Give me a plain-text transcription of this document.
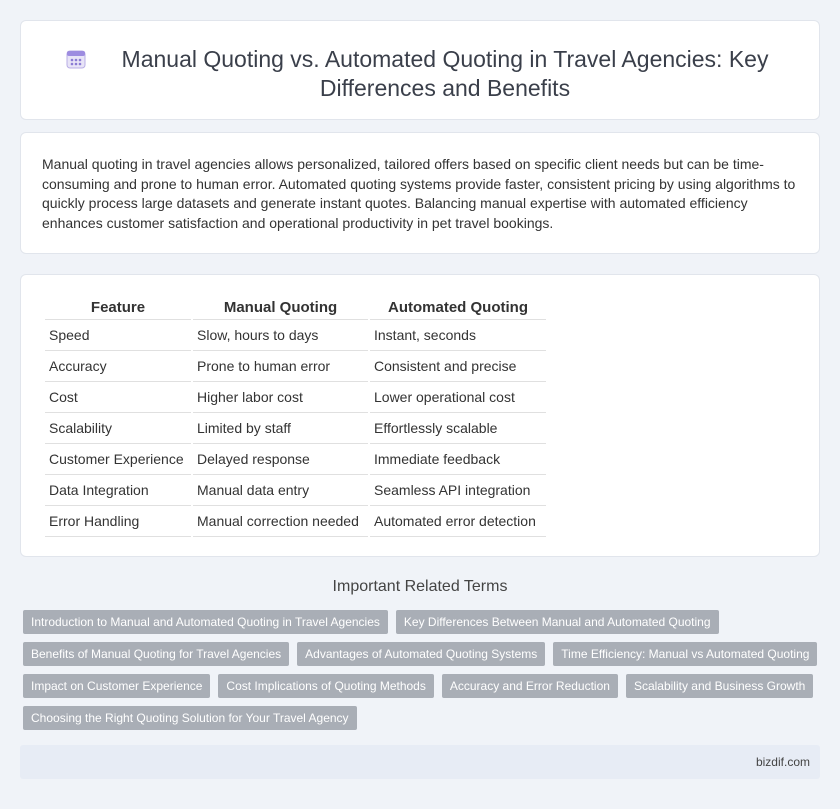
Manual Quoting vs. Automated Quoting in Travel Agencies: Key Differences and Benefits

Manual quoting in travel agencies allows personalized, tailored offers based on specific client needs but can be time-consuming and prone to human error. Automated quoting systems provide faster, consistent pricing by using algorithms to quickly process large datasets and generate instant quotes. Balancing manual expertise with automated efficiency enhances customer satisfaction and operational productivity in pet travel bookings.

Feature	Manual Quoting	Automated Quoting
Speed	Slow, hours to days	Instant, seconds
Accuracy	Prone to human error	Consistent and precise
Cost	Higher labor cost	Lower operational cost
Scalability	Limited by staff	Effortlessly scalable
Customer Experience	Delayed response	Immediate feedback
Data Integration	Manual data entry	Seamless API integration
Error Handling	Manual correction needed	Automated error detection
Important Related Terms
Introduction to Manual and Automated Quoting in Travel Agencies	Key Differences Between Manual and Automated Quoting
Benefits of Manual Quoting for Travel Agencies	Advantages of Automated Quoting Systems	Time Efficiency: Manual vs Automated Quoting
Impact on Customer Experience	Cost Implications of Quoting Methods	Accuracy and Error Reduction	Scalability and Business Growth
Choosing the Right Quoting Solution for Your Travel Agency
bizdif.com
